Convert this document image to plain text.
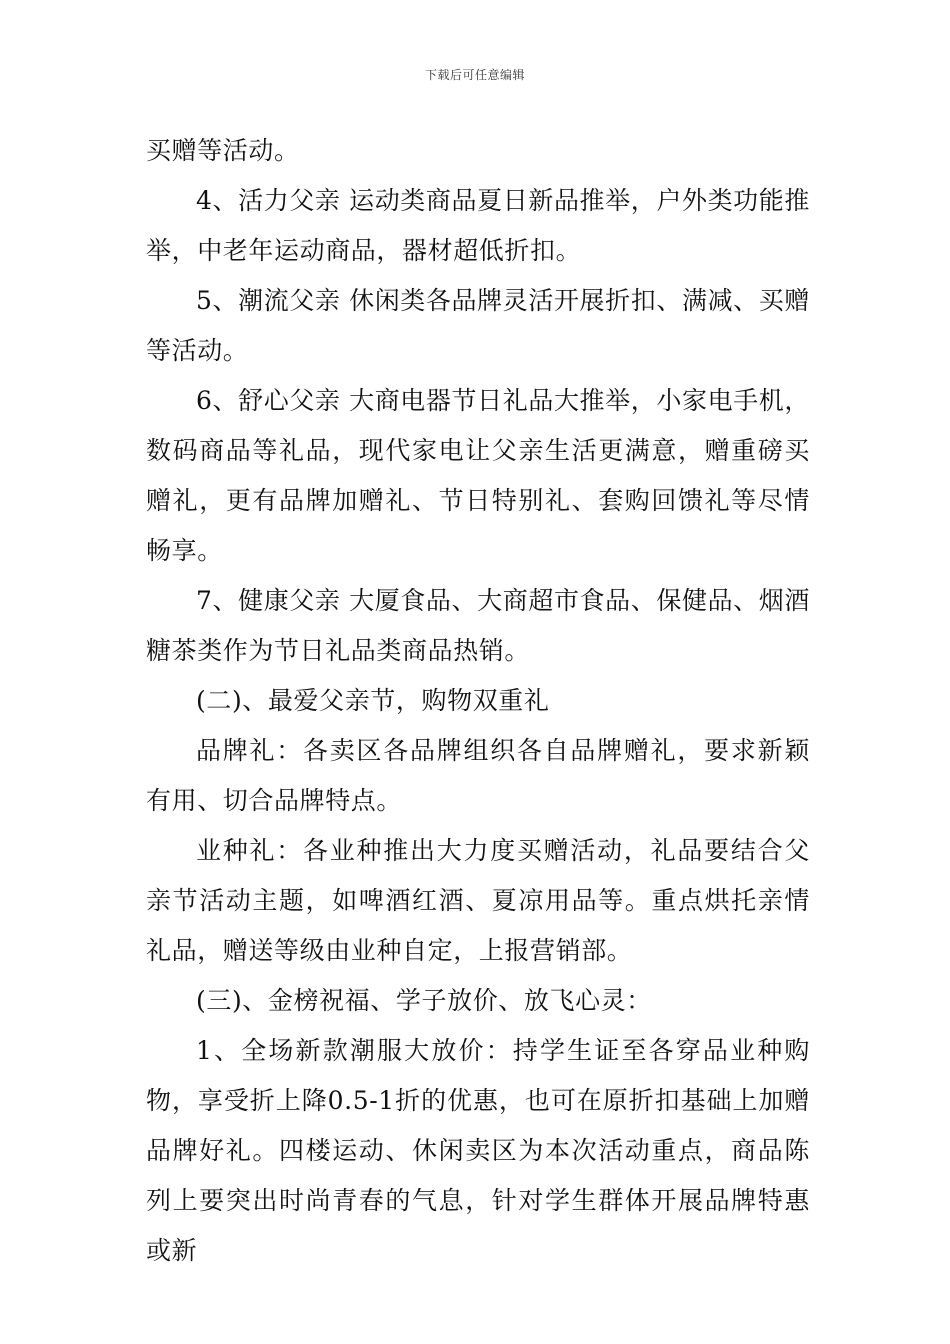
下载后可任意编辑

买赠等活动。

4、活力父亲 运动类商品夏日新品推举，户外类功能推举，中老年运动商品，器材超低折扣。

5、潮流父亲 休闲类各品牌灵活开展折扣、满减、买赠等活动。

6、舒心父亲 大商电器节日礼品大推举，小家电手机，数码商品等礼品，现代家电让父亲生活更满意，赠重磅买赠礼，更有品牌加赠礼、节日特别礼、套购回馈礼等尽情畅享。

7、健康父亲 大厦食品、大商超市食品、保健品、烟酒糖茶类作为节日礼品类商品热销。

(二)、最爱父亲节，购物双重礼

品牌礼：各卖区各品牌组织各自品牌赠礼，要求新颖有用、切合品牌特点。

业种礼：各业种推出大力度买赠活动，礼品要结合父亲节活动主题，如啤酒红酒、夏凉用品等。重点烘托亲情礼品，赠送等级由业种自定，上报营销部。

(三)、金榜祝福、学子放价、放飞心灵：

1、全场新款潮服大放价：持学生证至各穿品业种购物，享受折上降0.5-1折的优惠，也可在原折扣基础上加赠品牌好礼。四楼运动、休闲卖区为本次活动重点，商品陈列上要突出时尚青春的气息，针对学生群体开展品牌特惠或新
